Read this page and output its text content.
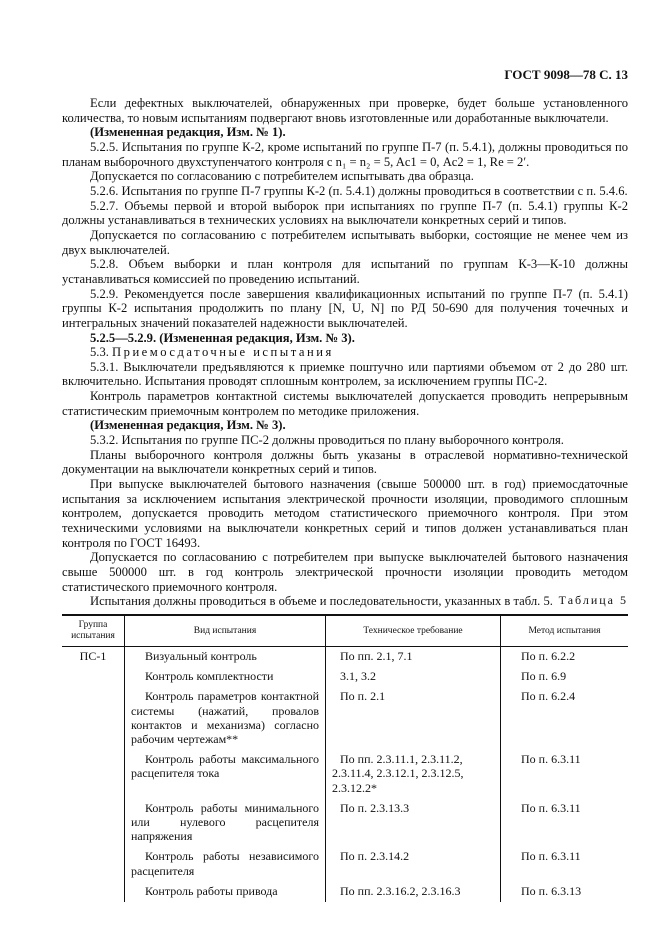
ГОСТ 9098—78 С. 13

Если дефектных выключателей, обнаруженных при проверке, будет больше установленного количества, то новым испытаниям подвергают вновь изготовленные или доработанные выключатели.

(Измененная редакция, Изм. № 1).

5.2.5. Испытания по группе К-2, кроме испытаний по группе П-7 (п. 5.4.1), должны проводиться по планам выборочного двухступенчатого контроля с n₁ = n₂ = 5, Aс1 = 0, Aс2 = 1, Rе = 2′.

Допускается по согласованию с потребителем испытывать два образца.

5.2.6. Испытания по группе П-7 группы К-2 (п. 5.4.1) должны проводиться в соответствии с п. 5.4.6.

5.2.7. Объемы первой и второй выборок при испытаниях по группе П-7 (п. 5.4.1) группы К-2 должны устанавливаться в технических условиях на выключатели конкретных серий и типов.

Допускается по согласованию с потребителем испытывать выборки, состоящие не менее чем из двух выключателей.

5.2.8. Объем выборки и план контроля для испытаний по группам К-3—К-10 должны устанавливаться комиссией по проведению испытаний.

5.2.9. Рекомендуется после завершения квалификационных испытаний по группе П-7 (п. 5.4.1) группы К-2 испытания продолжить по плану [N, U, N] по РД 50-690 для получения точечных и интегральных значений показателей надежности выключателей.

5.2.5—5.2.9. (Измененная редакция, Изм. № 3).

5.3. Приемосдаточные испытания

5.3.1. Выключатели предъявляются к приемке поштучно или партиями объемом от 2 до 280 шт. включительно. Испытания проводят сплошным контролем, за исключением группы ПС-2.

Контроль параметров контактной системы выключателей допускается проводить непрерывным статистическим приемочным контролем по методике приложения.

(Измененная редакция, Изм. № 3).

5.3.2. Испытания по группе ПС-2 должны проводиться по плану выборочного контроля.

Планы выборочного контроля должны быть указаны в отраслевой нормативно-технической документации на выключатели конкретных серий и типов.

При выпуске выключателей бытового назначения (свыше 500000 шт. в год) приемосдаточные испытания за исключением испытания электрической прочности изоляции, проводимого сплошным контролем, допускается проводить методом статистического приемочного контроля. При этом техническими условиями на выключатели конкретных серий и типов должен устанавливаться план контроля по ГОСТ 16493.

Допускается по согласованию с потребителем при выпуске выключателей бытового назначения свыше 500000 шт. в год контроль электрической прочности изоляции проводить методом статистического приемочного контроля.

Испытания должны проводиться в объеме и последовательности, указанных в табл. 5. Таблица 5
Группа испытания	Вид испытания	Техническое требование	Метод испытания
ПС-1	Визуальный контроль	По пп. 2.1, 7.1	По п. 6.2.2
	Контроль комплектности	3.1, 3.2	По п. 6.9
	Контроль параметров контактной системы (нажатий, провалов контактов и механизма) согласно рабочим чертежам**	По п. 2.1	По п. 6.2.4
	Контроль работы максимального расцепителя тока	По пп. 2.3.11.1, 2.3.11.2, 2.3.11.4, 2.3.12.1, 2.3.12.5, 2.3.12.2*	По п. 6.3.11
	Контроль работы минимального или нулевого расцепителя напряжения	По п. 2.3.13.3	По п. 6.3.11
	Контроль работы независимого расцепителя	По п. 2.3.14.2	По п. 6.3.11
	Контроль работы привода	По пп. 2.3.16.2, 2.3.16.3	По п. 6.3.13
